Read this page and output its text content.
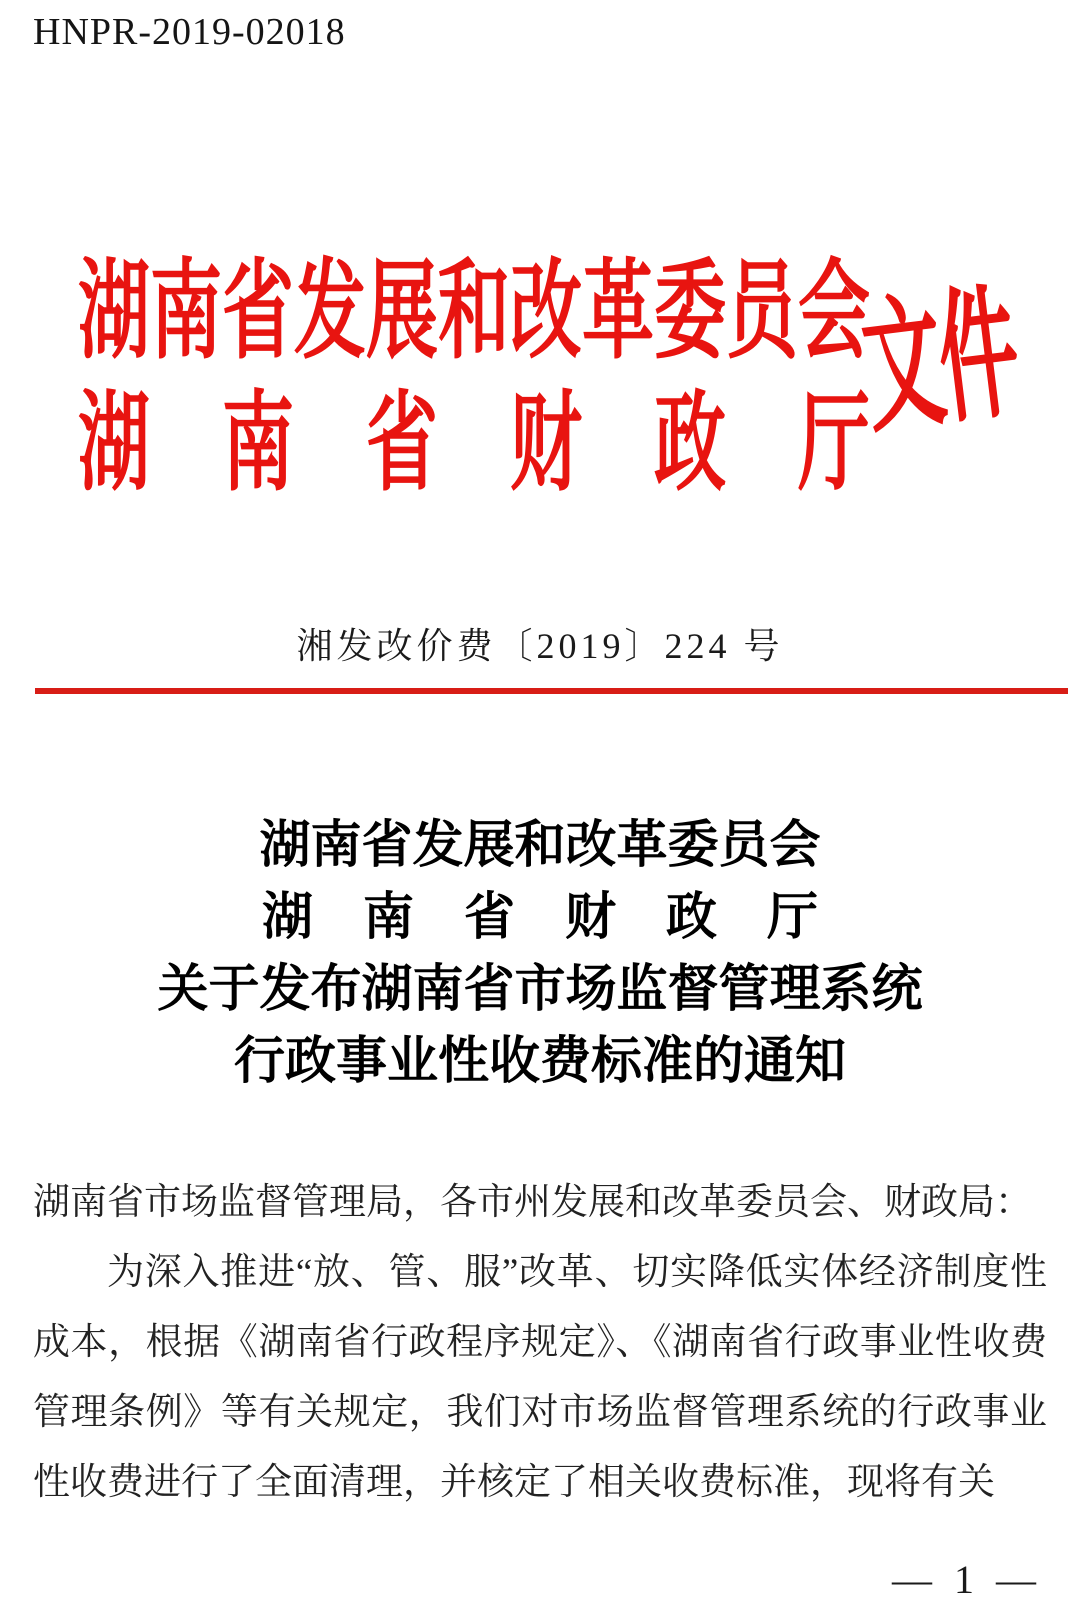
HNPR-2019-02018
湖南省发展和改革委员会
湖南省财政厅
文件
湘发改价费〔2019〕224 号
湖南省发展和改革委员会
湖南省财政厅
关于发布湖南省市场监督管理系统
行政事业性收费标准的通知

湖南省市场监督管理局，各市州发展和改革委员会、财政局：

为深入推进“放、管、服”改革、切实降低实体经济制度性成本，根据《湖南省行政程序规定》、《湖南省行政事业性收费管理条例》等有关规定，我们对市场监督管理系统的行政事业性收费进行了全面清理，并核定了相关收费标准，现将有关

— 1 —
